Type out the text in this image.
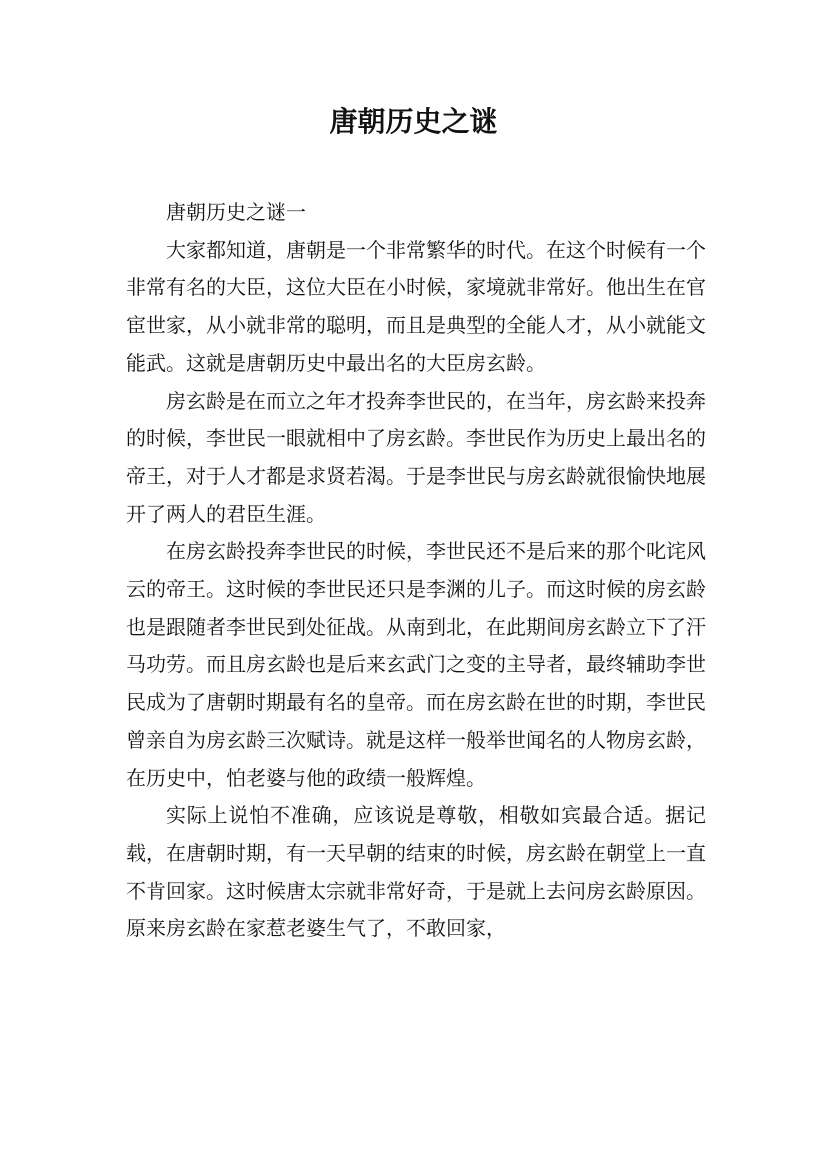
唐朝历史之谜

唐朝历史之谜一

大家都知道，唐朝是一个非常繁华的时代。在这个时候有一个非常有名的大臣，这位大臣在小时候，家境就非常好。他出生在官宦世家，从小就非常的聪明，而且是典型的全能人才，从小就能文能武。这就是唐朝历史中最出名的大臣房玄龄。

房玄龄是在而立之年才投奔李世民的，在当年，房玄龄来投奔的时候，李世民一眼就相中了房玄龄。李世民作为历史上最出名的帝王，对于人才都是求贤若渴。于是李世民与房玄龄就很愉快地展开了两人的君臣生涯。

在房玄龄投奔李世民的时候，李世民还不是后来的那个叱诧风云的帝王。这时候的李世民还只是李渊的儿子。而这时候的房玄龄也是跟随者李世民到处征战。从南到北，在此期间房玄龄立下了汗马功劳。而且房玄龄也是后来玄武门之变的主导者，最终辅助李世民成为了唐朝时期最有名的皇帝。而在房玄龄在世的时期，李世民曾亲自为房玄龄三次赋诗。就是这样一般举世闻名的人物房玄龄，在历史中，怕老婆与他的政绩一般辉煌。

实际上说怕不准确，应该说是尊敬，相敬如宾最合适。据记载，在唐朝时期，有一天早朝的结束的时候，房玄龄在朝堂上一直不肯回家。这时候唐太宗就非常好奇，于是就上去问房玄龄原因。原来房玄龄在家惹老婆生气了，不敢回家，
